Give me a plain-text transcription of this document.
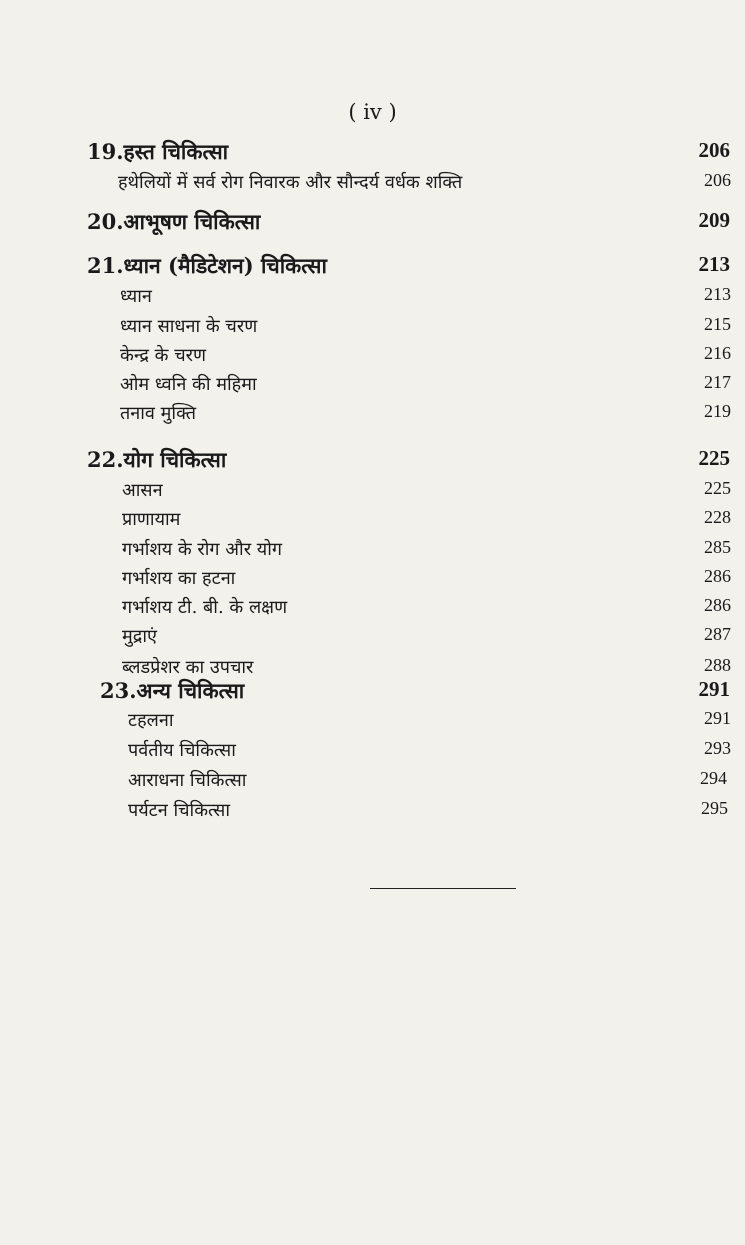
( iv )
19.हस्त चिकित्सा	206
हथेलियों में सर्व रोग निवारक और सौन्दर्य वर्धक शक्ति	206
20.आभूषण चिकित्सा	209
21.ध्यान (मैडिटेशन) चिकित्सा	213
ध्यान	213
ध्यान साधना के चरण	215
केन्द्र के चरण	216
ओम ध्वनि की महिमा	217
तनाव मुक्ति	219
22.योग चिकित्सा	225
आसन	225
प्राणायाम	228
गर्भाशय के रोग और योग	285
गर्भाशय का हटना	286
गर्भाशय टी. बी. के लक्षण	286
मुद्राएं	287
ब्लडप्रेशर का उपचार	288
23.अन्य चिकित्सा	291
टहलना	291
पर्वतीय चिकित्सा	293
आराधना चिकित्सा	294
पर्यटन चिकित्सा	295
